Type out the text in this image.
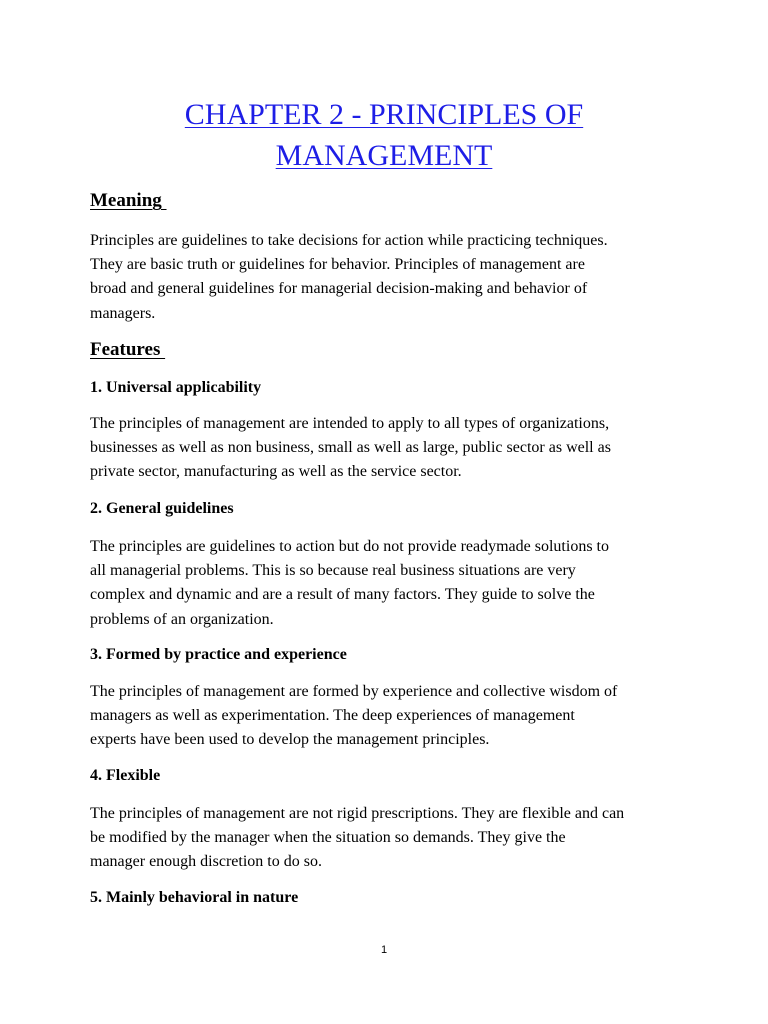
CHAPTER 2 - PRINCIPLES OF
MANAGEMENT
Meaning
Principles are guidelines to take decisions for action while practicing techniques.
They are basic truth or guidelines for behavior. Principles of management are
broad and general guidelines for managerial decision-making and behavior of
managers.
Features
1. Universal applicability
The principles of management are intended to apply to all types of organizations,
businesses as well as non business, small as well as large, public sector as well as
private sector, manufacturing as well as the service sector.
2. General guidelines
The principles are guidelines to action but do not provide readymade solutions to
all managerial problems. This is so because real business situations are very
complex and dynamic and are a result of many factors. They guide to solve the
problems of an organization.
3. Formed by practice and experience
The principles of management are formed by experience and collective wisdom of
managers as well as experimentation. The deep experiences of management
experts have been used to develop the management principles.
4. Flexible
The principles of management are not rigid prescriptions. They are flexible and can
be modified by the manager when the situation so demands. They give the
manager enough discretion to do so.
5. Mainly behavioral in nature
1
